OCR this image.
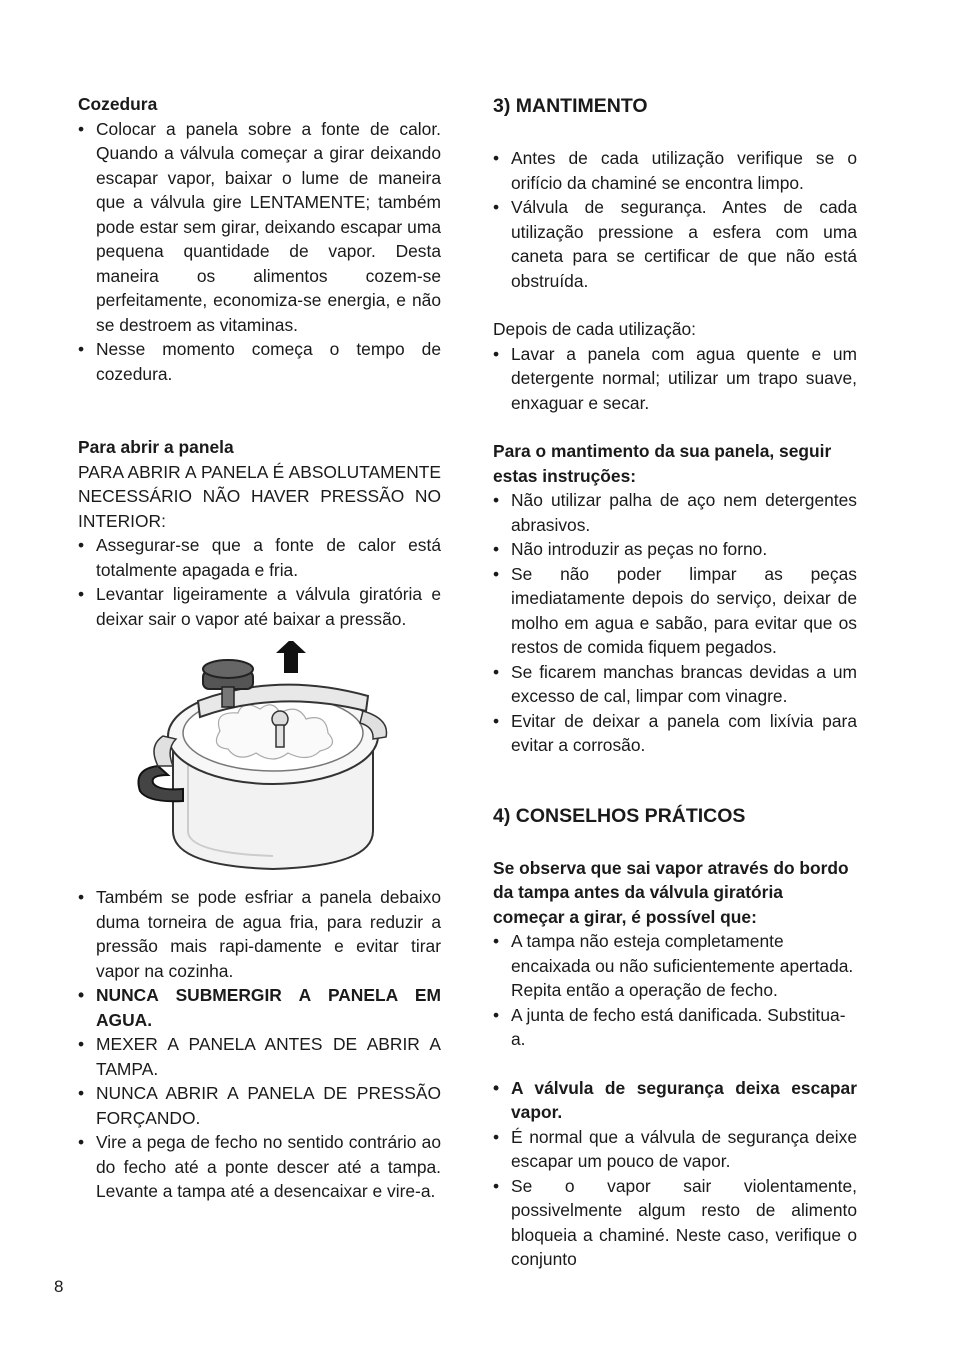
Cozedura

• Colocar a panela sobre a fonte de calor. Quando a válvula começar a girar deixando escapar vapor, baixar o lume de maneira que a válvula gire LENTAMENTE; também pode estar sem girar, deixando escapar uma pequena quantidade de vapor. Desta maneira os alimentos cozem-se perfeitamente, economiza-se energia, e não se destroem as vitaminas.
• Nesse momento começa o tempo de cozedura.

Para abrir a panela

PARA ABRIR A PANELA É ABSOLUTAMENTE NECESSÁRIO NÃO HAVER PRESSÃO NO INTERIOR:

• Assegurar-se que a fonte de calor está totalmente apagada e fria.
• Levantar ligeiramente a válvula giratória e deixar sair o vapor até baixar a pressão.
• Também se pode esfriar a panela debaixo duma torneira de agua fria, para reduzir a pressão mais rapi-damente e evitar tirar vapor na cozinha.
• NUNCA SUBMERGIR A PANELA EM AGUA.
• MEXER A PANELA ANTES DE ABRIR A TAMPA.
• NUNCA ABRIR A PANELA DE PRESSÃO FORÇANDO.
• Vire a pega de fecho no sentido contrário ao do fecho até a ponte descer até a tampa. Levante a tampa até a desencaixar e vire-a.
3) MANTIMENTO
• Antes de cada utilização verifique se o orifício da chaminé se encontra limpo.
• Válvula de segurança. Antes de cada utilização pressione a esfera com uma caneta para se certificar de que não está obstruída.

Depois de cada utilização:

• Lavar a panela com agua quente e um detergente normal; utilizar um trapo suave, enxaguar e secar.

Para o mantimento da sua panela, seguir estas instruções:

• Não utilizar palha de aço nem detergentes abrasivos.
• Não introduzir as peças no forno.
• Se não poder limpar as peças imediatamente depois do serviço, deixar de molho em agua e sabão, para evitar que os restos de comida fiquem pegados.
• Se ficarem manchas brancas devidas a um excesso de cal, limpar com vinagre.
• Evitar de deixar a panela com lixívia para evitar a corrosão.
4) CONSELHOS PRÁTICOS

Se observa que sai vapor através do bordo da tampa antes da válvula giratória começar a girar, é possível que:

• A tampa não esteja completamente encaixada ou não suficientemente apertada. Repita então a operação de fecho.
• A junta de fecho está danificada. Substitua-a.
• A válvula de segurança deixa escapar vapor.
• É normal que a válvula de segurança deixe escapar um pouco de vapor.
• Se o vapor sair violentamente, possivelmente algum resto de alimento bloqueia a chaminé. Neste caso, verifique o conjunto
8
